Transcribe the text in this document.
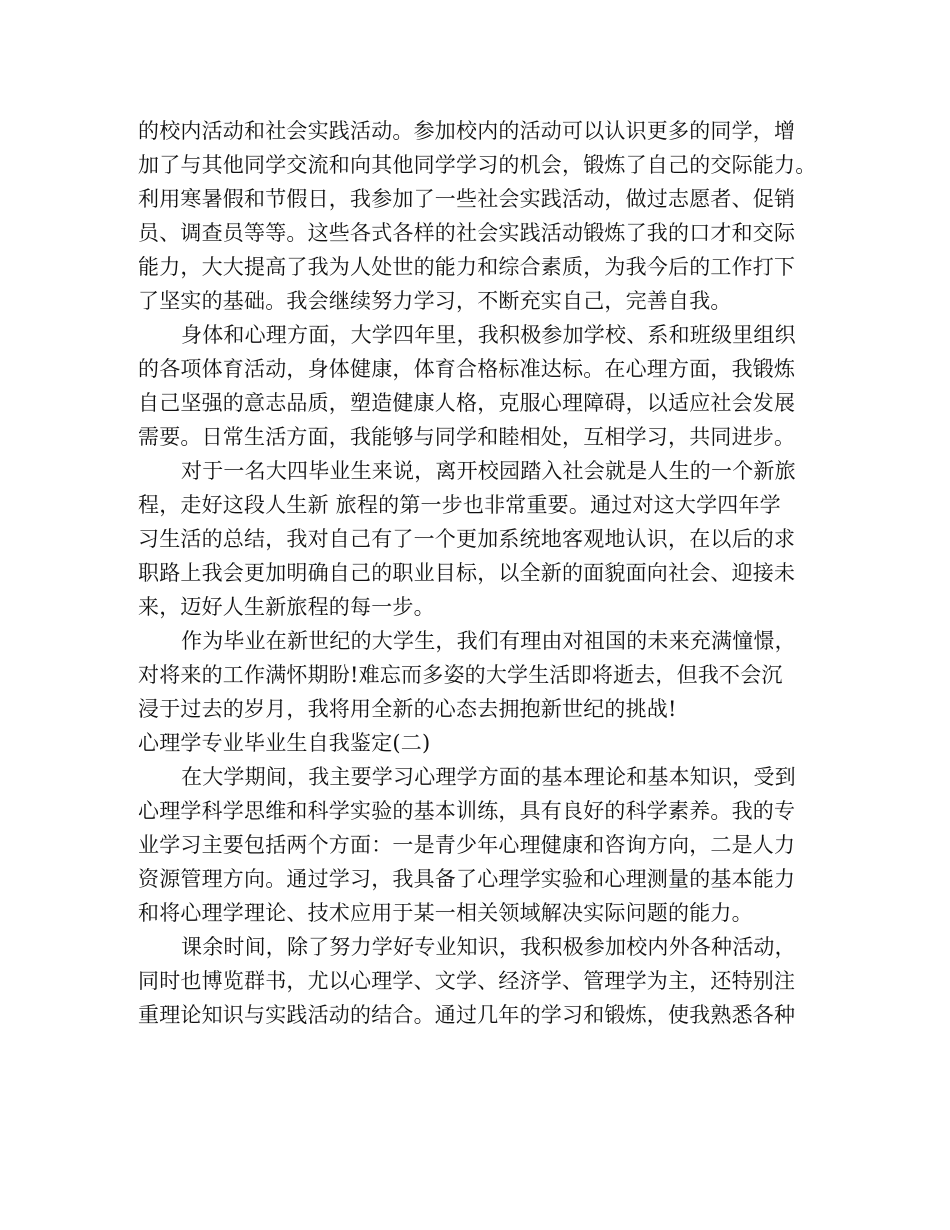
的校内活动和社会实践活动。参加校内的活动可以认识更多的同学，增

加了与其他同学交流和向其他同学学习的机会，锻炼了自己的交际能力。

利用寒暑假和节假日，我参加了一些社会实践活动，做过志愿者、促销

员、调查员等等。这些各式各样的社会实践活动锻炼了我的口才和交际

能力，大大提高了我为人处世的能力和综合素质，为我今后的工作打下

了坚实的基础。我会继续努力学习，不断充实自己，完善自我。

身体和心理方面，大学四年里，我积极参加学校、系和班级里组织

的各项体育活动，身体健康，体育合格标准达标。在心理方面，我锻炼

自己坚强的意志品质，塑造健康人格，克服心理障碍，以适应社会发展

需要。日常生活方面，我能够与同学和睦相处，互相学习，共同进步。

对于一名大四毕业生来说，离开校园踏入社会就是人生的一个新旅

程，走好这段人生新 旅程的第一步也非常重要。通过对这大学四年学

习生活的总结，我对自己有了一个更加系统地客观地认识，在以后的求

职路上我会更加明确自己的职业目标，以全新的面貌面向社会、迎接未

来，迈好人生新旅程的每一步。

作为毕业在新世纪的大学生，我们有理由对祖国的未来充满憧憬，

对将来的工作满怀期盼!难忘而多姿的大学生活即将逝去，但我不会沉

浸于过去的岁月，我将用全新的心态去拥抱新世纪的挑战!

心理学专业毕业生自我鉴定(二)

在大学期间，我主要学习心理学方面的基本理论和基本知识，受到

心理学科学思维和科学实验的基本训练，具有良好的科学素养。我的专

业学习主要包括两个方面：一是青少年心理健康和咨询方向，二是人力

资源管理方向。通过学习，我具备了心理学实验和心理测量的基本能力

和将心理学理论、技术应用于某一相关领域解决实际问题的能力。

课余时间，除了努力学好专业知识，我积极参加校内外各种活动，

同时也博览群书，尤以心理学、文学、经济学、管理学为主，还特别注

重理论知识与实践活动的结合。通过几年的学习和锻炼，使我熟悉各种
